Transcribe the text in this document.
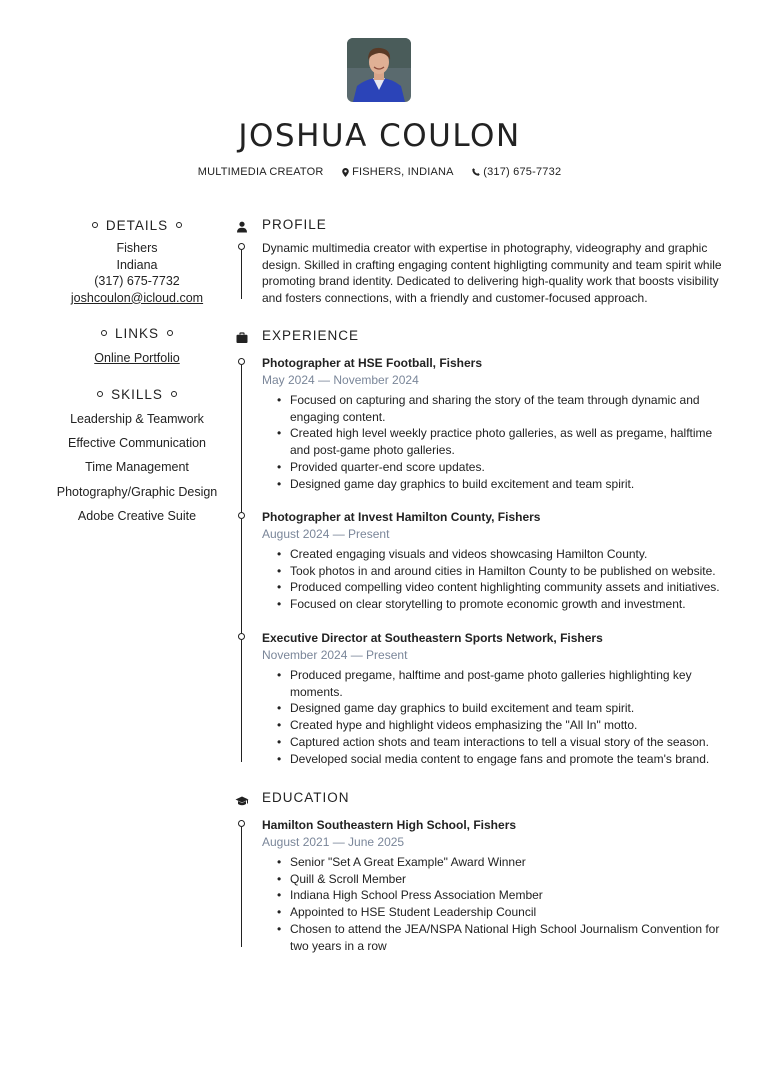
JOSHUA COULON
MULTIMEDIA CREATOR	FISHERS, INDIANA	(317) 675-7732
DETAILS
Fishers
Indiana
(317) 675-7732
joshcoulon@icloud.com
LINKS
Online Portfolio
SKILLS
Leadership & Teamwork
Effective Communication
Time Management
Photography/Graphic Design
Adobe Creative Suite
PROFILE
Dynamic multimedia creator with expertise in photography, videography and graphic design. Skilled in crafting engaging content highligting community and team spirit while promoting brand identity. Dedicated to delivering high-quality work that boosts visibility and fosters connections, with a friendly and customer-focused approach.
EXPERIENCE
Photographer at HSE Football, Fishers
May 2024 — November 2024
• Focused on capturing and sharing the story of the team through dynamic and engaging content.
• Created high level weekly practice photo galleries, as well as pregame, halftime and post-game photo galleries.
• Provided quarter-end score updates.
• Designed game day graphics to build excitement and team spirit.
Photographer at Invest Hamilton County, Fishers
August 2024 — Present
• Created engaging visuals and videos showcasing Hamilton County.
• Took photos in and around cities in Hamilton County to be published on website.
• Produced compelling video content highlighting community assets and initiatives.
• Focused on clear storytelling to promote economic growth and investment.
Executive Director at Southeastern Sports Network, Fishers
November 2024 — Present
• Produced pregame, halftime and post-game photo galleries highlighting key moments.
• Designed game day graphics to build excitement and team spirit.
• Created hype and highlight videos emphasizing the "All In" motto.
• Captured action shots and team interactions to tell a visual story of the season.
• Developed social media content to engage fans and promote the team's brand.
EDUCATION
Hamilton Southeastern High School, Fishers
August 2021 — June 2025
• Senior "Set A Great Example" Award Winner
• Quill & Scroll Member
• Indiana High School Press Association Member
• Appointed to HSE Student Leadership Council
• Chosen to attend the JEA/NSPA National High School Journalism Convention for two years in a row
